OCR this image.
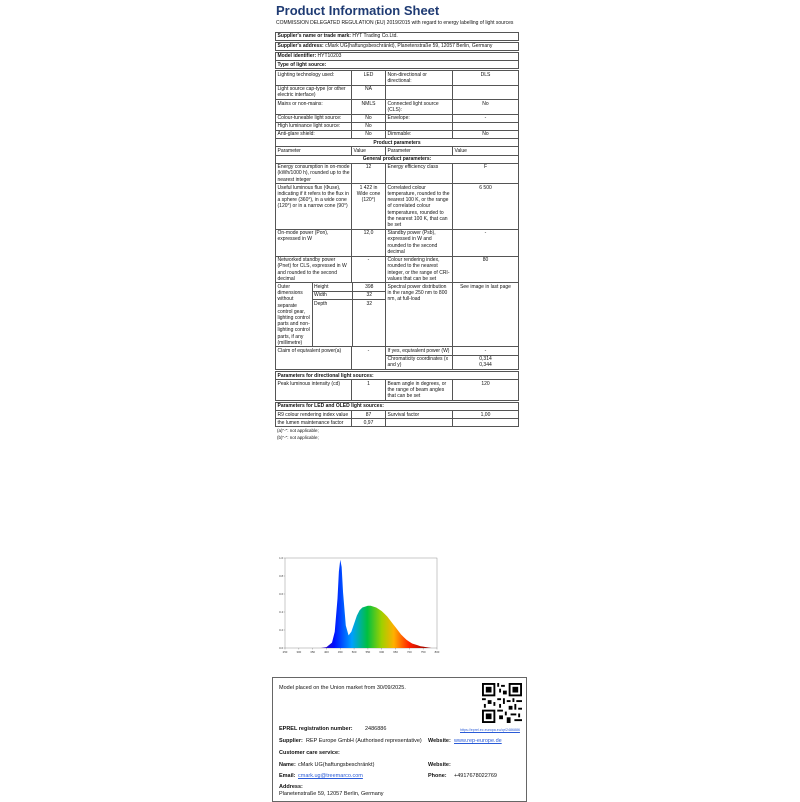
Product Information Sheet
COMMISSION DELEGATED REGULATION (EU) 2019/2015 with regard to energy labelling of light sources
Supplier's name or trade mark: HYT Trading Co.Ltd.

Supplier's address: cMark UG(haftungsbeschränkt), Planetenstraße 59, 12057 Berlin, Germany

Model identifier: HYT10203
Type of light source:

Lighting technology used:	LED	Non-directional or directional:	DLS
Light source cap-type (or other electric interface)	NA		
Mains or non-mains:	NMLS	Connected light source (CLS):	No
Colour-tuneable light source:	No	Envelope:	-
High luminance light source:	No		
Anti-glare shield:	No	Dimmable:	No
Product parameters
Parameter	Value	Parameter	Value
General product parameters:
Energy consumption in on-mode (kWh/1000 h), rounded up to the nearest integer	12	Energy efficiency class	F
Useful luminous flux (Φuse), indicating if it refers to the flux in a sphere (360°), in a wide cone (120°) or in a narrow cone (90°)	1 422 in Wide cone (120°)	Correlated colour temperature, rounded to the nearest 100 K, or the range of correlated colour temperatures, rounded to the nearest 100 K, that can be set	6 500
On-mode power (Pon), expressed in W	12,0	Standby power (Psb), expressed in W and rounded to the second decimal	-
Networked standby power (Pnet) for CLS, expressed in W and rounded to the second decimal	-	Colour rendering index, rounded to the nearest integer, or the range of CRI-values that can be set	80

Outer dimensions without separate control gear, lighting control parts and non-lighting control parts, if any (millimetre)	Height	398
Width	32
Depth	32

	Spectral power distribution in the range 250 nm to 800 nm, at full-load	See image in last page
Claim of equivalent power(a)	-	If yes, equivalent power (W)	-
Chromaticity coordinates (x and y)	0,314
0,344

Parameters for directional light sources:
Peak luminous intensity (cd)	1	Beam angle in degrees, or the range of beam angles that can be set	120

Parameters for LED and OLED light sources:
R9 colour rendering index value	87	Survival factor	1,00
the lumen maintenance factor	0,97		
(a)"-": not applicable;
(b)"-": not applicable;
250	300	350	400	450	500	550	600	650	700	750	800
0.0
0.2
0.4
0.6
0.8
1.0
Model placed on the Union market from 30/09/2025.
EPREL registration number: 2486886	https://eprel.ec.europa.eu/qr/2486886
Supplier: REP Europe GmbH (Authorised representative) Website: www.rep-europe.de
Customer care service:
Name: cMark UG(haftungsbeschränkt)	Website:
Email: cmark.ug@treemarco.com	Phone: +4917678022769
Address:
Planetenstraße 59, 12057 Berlin, Germany
